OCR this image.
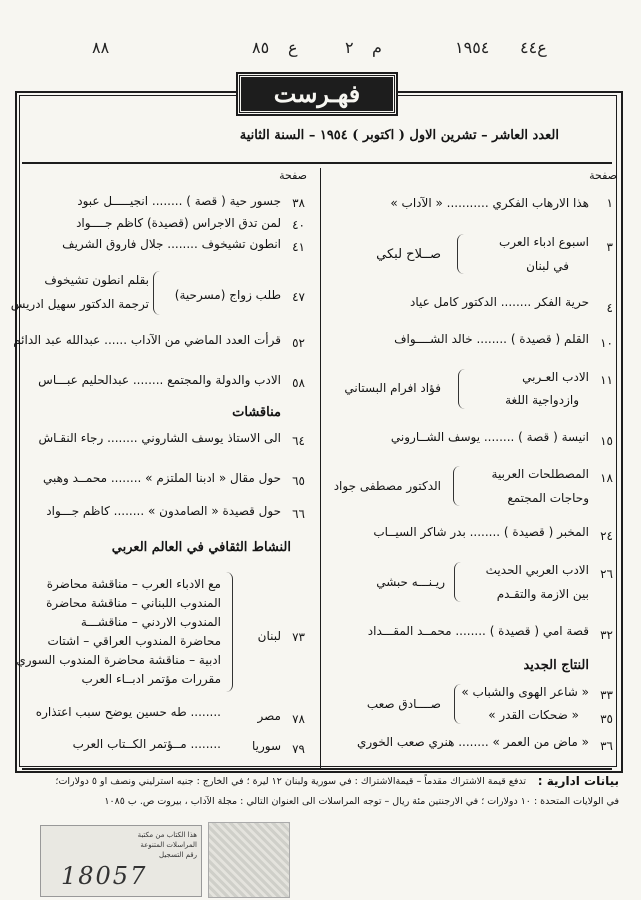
٨٨	٨٥ ع	٢ م	١٩٥٤ ع٤٤
فهـرست
العدد العاشر – تشرين الاول ( اكتوبر ) ١٩٥٤ – السنة الثانية
صفحة
صفحة
١
هذا الارهاب الفكري ........... « الآداب »
٣
اسبوع ادباء العرب
في لبنان
صــلاح لبكي
٤
حرية الفكر ........ الدكتور كامل عياد
١٠
القلم ( قصيدة ) ........ خالد الشــــواف
١١
الادب العـربي
وازدواجية اللغة
فؤاد افرام البستاني
١٥
انيسة ( قصة ) ........ يوسف الشــاروني
١٨
المصطلحات العربية
وحاجات المجتمع
الدكتور مصطفى جواد
٢٤
المخبر ( قصيدة ) ........ بدر شاكر السيــاب
٢٦
الادب العربي الحديث
بين الازمة والتقـدم
ريـنـــه حبشي
٣٢
قصة امي ( قصيدة ) ........ محمــد المقـــداد
النتاج الجديد
٣٣
« شاعر الهوى والشباب »
٣٥
« ضحكات القدر »
صــــادق صعب
٣٦
« ماض من العمر » ........ هنري صعب الخوري
٣٨
جسور حية ( قصة ) ........ انجيـــــل عبود
٤٠
لمن تدق الاجراس (قصيدة) كاظم جــــواد
٤١
انطون تشيخوف ........ جلال فاروق الشريف
٤٧
طلب زواج (مسرحية)
بقلم انطون تشيخوف
ترجمة الدكتور سهيل ادريس
٥٢
قرأت العدد الماضي من الآداب ...... عبدالله عبد الدائم
٥٨
الادب والدولة والمجتمع ........ عبدالحليم عبـــاس
مناقشات
٦٤
الى الاستاذ يوسف الشاروني ........ رجاء النقـاش
٦٥
حول مقال « ادبنا الملتزم » ........ محمــد وهبي
٦٦
حول قصيدة « الصامدون » ........ كاظم جـــواد
النشاط الثقافي في العالم العربي
٧٣
لبنان
مع الادباء العرب – مناقشة محاضرة
المندوب اللبناني – مناقشة محاضرة
المندوب الاردني – مناقشـــة
محاضرة المندوب العراقي – اشتات
ادبية – مناقشة محاضرة المندوب السوري
مقررات مؤتمر ادبــاء العرب
٧٨
مصر
........ طه حسين يوضح سبب اعتذاره
٧٩
سوريا
........ مــؤتمر الكــتاب العرب
بيانات ادارية :
تدفع قيمة الاشتراك مقدماً – قيمةالاشتراك : في سورية ولبنان ١٢ ليرة ؛ في الخارج : جنيه استرليني ونصف او ٥ دولارات؛
في الولايات المتحدة : ١٠ دولارات ؛ في الارجنتين مئة ريال – توجه المراسلات الى العنوان التالي : مجلة الآداب ، بيروت ص. ب ١٠٨٥
هذا الكتاب من مكتبة
المراسلات المتنوعة
رقم التسجيل
18057
